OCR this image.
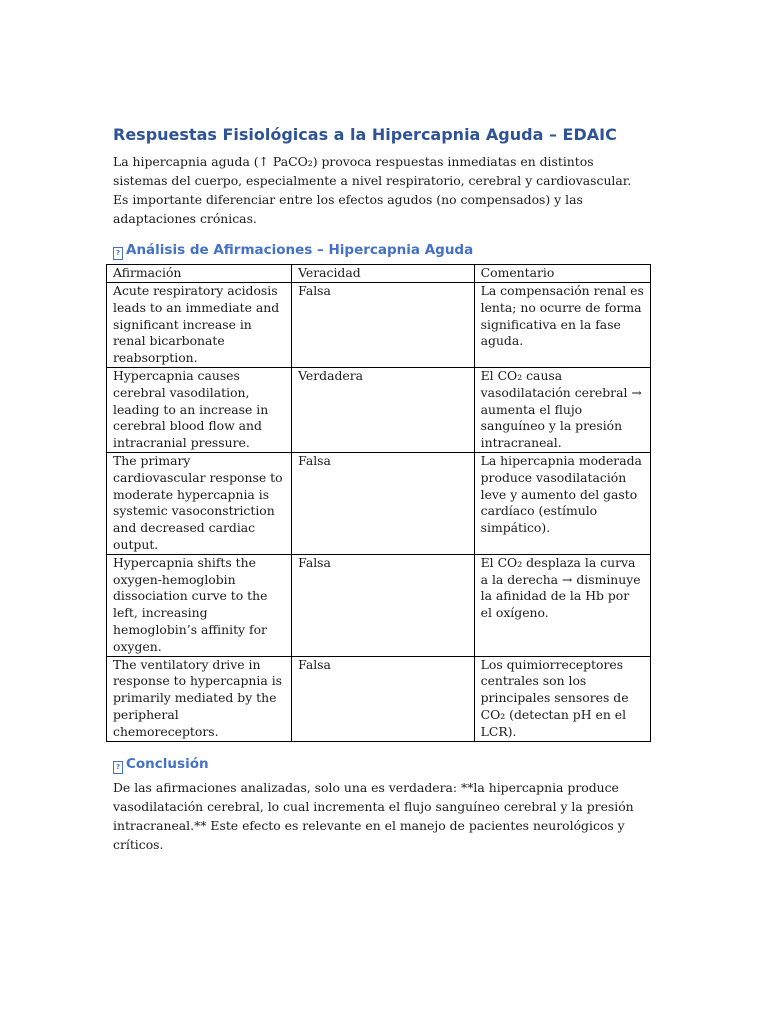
Respuestas Fisiológicas a la Hipercapnia Aguda – EDAIC

La hipercapnia aguda (↑ PaCO₂) provoca respuestas inmediatas en distintos sistemas del cuerpo, especialmente a nivel respiratorio, cerebral y cardiovascular. Es importante diferenciar entre los efectos agudos (no compensados) y las adaptaciones crónicas.

? Análisis de Afirmaciones – Hipercapnia Aguda
Afirmación	Veracidad	Comentario
Acute respiratory acidosis leads to an immediate and significant increase in renal bicarbonate reabsorption.	Falsa	La compensación renal es lenta; no ocurre de forma significativa en la fase aguda.
Hypercapnia causes cerebral vasodilation, leading to an increase in cerebral blood flow and intracranial pressure.	Verdadera	El CO₂ causa vasodilatación cerebral → aumenta el flujo sanguíneo y la presión intracraneal.
The primary cardiovascular response to moderate hypercapnia is systemic vasoconstriction and decreased cardiac output.	Falsa	La hipercapnia moderada produce vasodilatación leve y aumento del gasto cardíaco (estímulo simpático).
Hypercapnia shifts the oxygen-hemoglobin dissociation curve to the left, increasing hemoglobin’s affinity for oxygen.	Falsa	El CO₂ desplaza la curva a la derecha → disminuye la afinidad de la Hb por el oxígeno.
The ventilatory drive in response to hypercapnia is primarily mediated by the peripheral chemoreceptors.	Falsa	Los quimiorreceptores centrales son los principales sensores de CO₂ (detectan pH en el LCR).
? Conclusión

De las afirmaciones analizadas, solo una es verdadera: **la hipercapnia produce vasodilatación cerebral, lo cual incrementa el flujo sanguíneo cerebral y la presión intracraneal.** Este efecto es relevante en el manejo de pacientes neurológicos y críticos.
